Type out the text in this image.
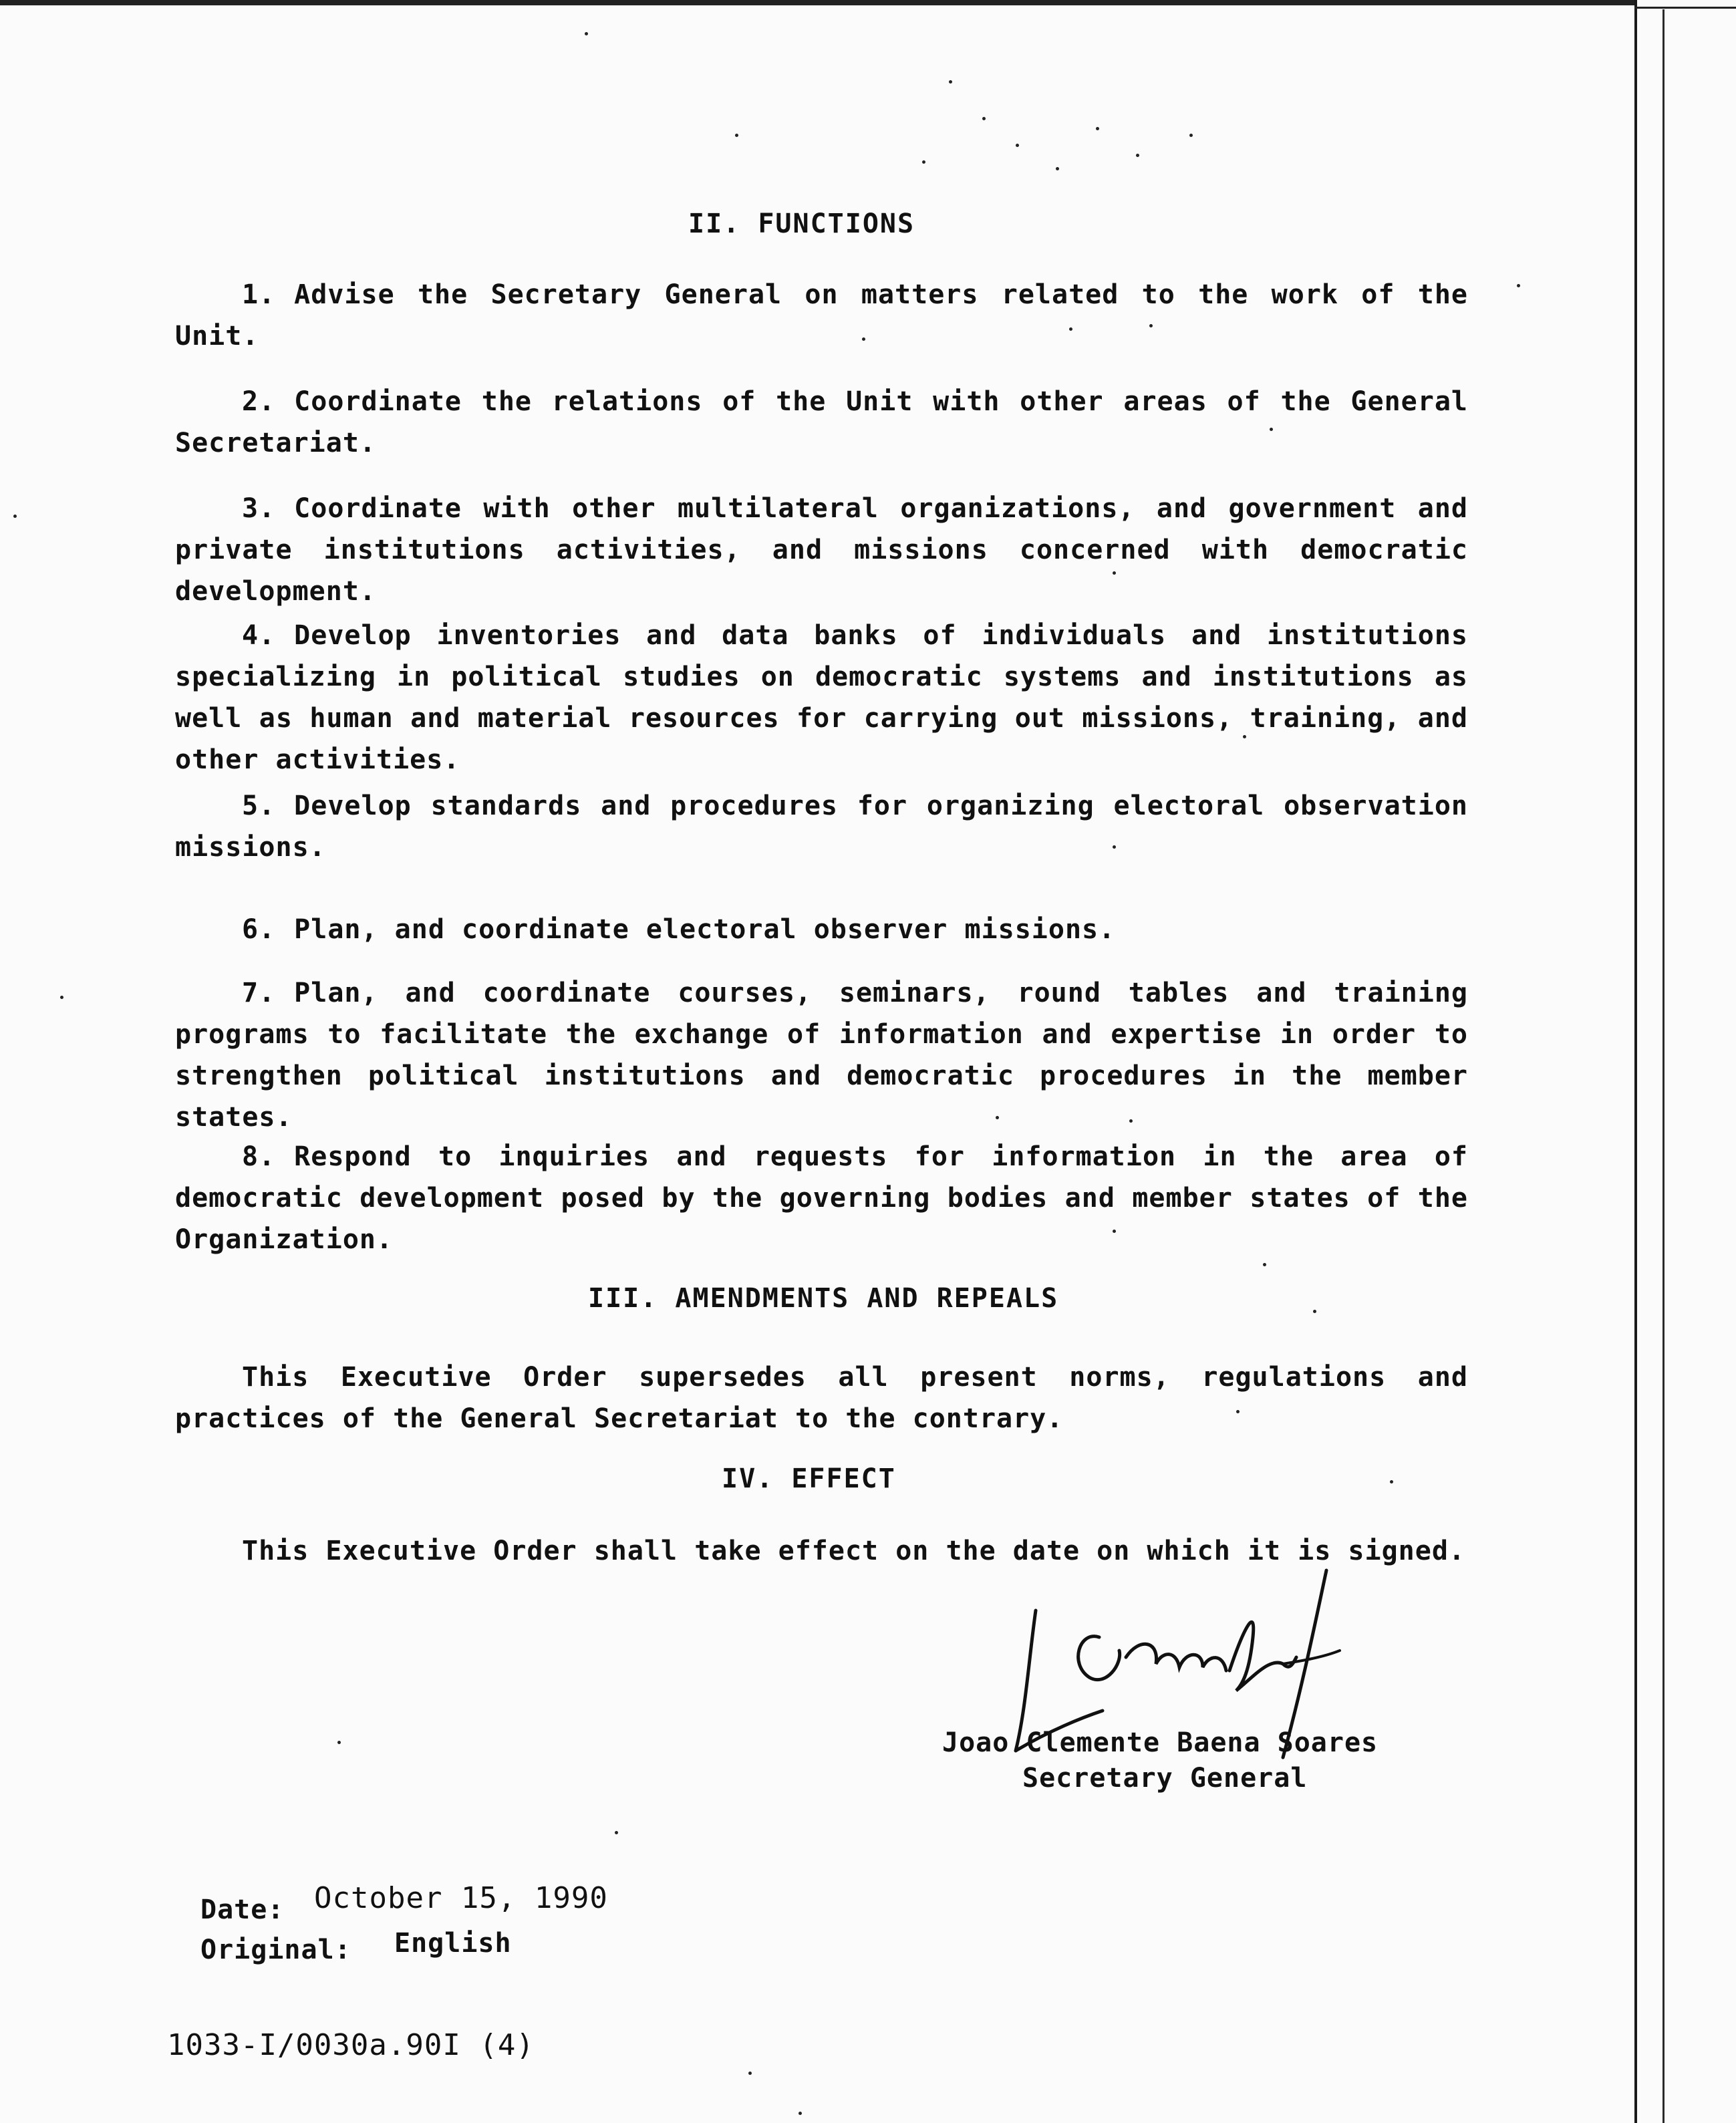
II. FUNCTIONS
1. Advise the Secretary General on matters related to the work of the Unit.
2. Coordinate the relations of the Unit with other areas of the General Secretariat.
3. Coordinate with other multilateral organizations, and government and private institutions activities, and missions concerned with democratic development.
4. Develop inventories and data banks of individuals and institutions specializing in political studies on democratic systems and institutions as well as human and material resources for carrying out missions, training, and other activities.
5. Develop standards and procedures for organizing electoral observation missions.
6. Plan, and coordinate electoral observer missions.
7. Plan, and coordinate courses, seminars, round tables and training programs to facilitate the exchange of information and expertise in order to strengthen political institutions and democratic procedures in the member states.
8. Respond to inquiries and requests for information in the area of democratic development posed by the governing bodies and member states of the Organization.
III. AMENDMENTS AND REPEALS
This Executive Order supersedes all present norms, regulations and practices of the General Secretariat to the contrary.
IV. EFFECT
This Executive Order shall take effect on the date on which it is signed.
Joao Clemente Baena Soares
Secretary General
Date: October 15, 1990
Original: English
1033-I/0030a.90I (4)
